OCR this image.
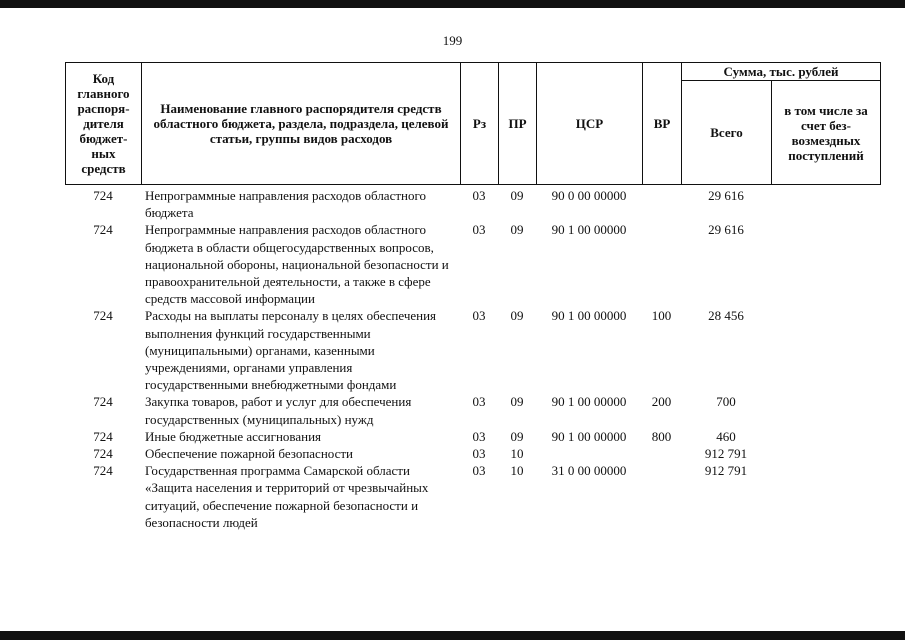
199
Код главного распоря-дителя бюджет-ных средств	Наименование главного распорядителя средств областного бюджета, раздела, подраздела, целевой статьи, группы видов расходов	Рз	ПР	ЦСР	ВР	Сумма, тыс. рублей	
						Всего	в том числе за счет без-возмездных поступлений
724	Непрограммные направления расходов областного бюджета	03	09	90 0 00 00000		29 616	
724	Непрограммные направления расходов областного бюджета в области общегосударственных вопросов, национальной обороны, национальной безопасности и правоохранительной деятельности, а также в сфере средств массовой информации	03	09	90 1 00 00000		29 616	
724	Расходы на выплаты персоналу в целях обеспечения выполнения функций государственными (муниципальными) органами, казенными учреждениями, органами управления государственными внебюджетными фондами	03	09	90 1 00 00000	100	28 456	
724	Закупка товаров, работ и услуг для обеспечения государственных (муниципальных) нужд	03	09	90 1 00 00000	200	700	
724	Иные бюджетные ассигнования	03	09	90 1 00 00000	800	460	
724	Обеспечение пожарной безопасности	03	10			912 791	
724	Государственная программа Самарской области «Защита населения и территорий от чрезвычайных ситуаций, обеспечение пожарной безопасности и безопасности людей	03	10	31 0 00 00000		912 791	
